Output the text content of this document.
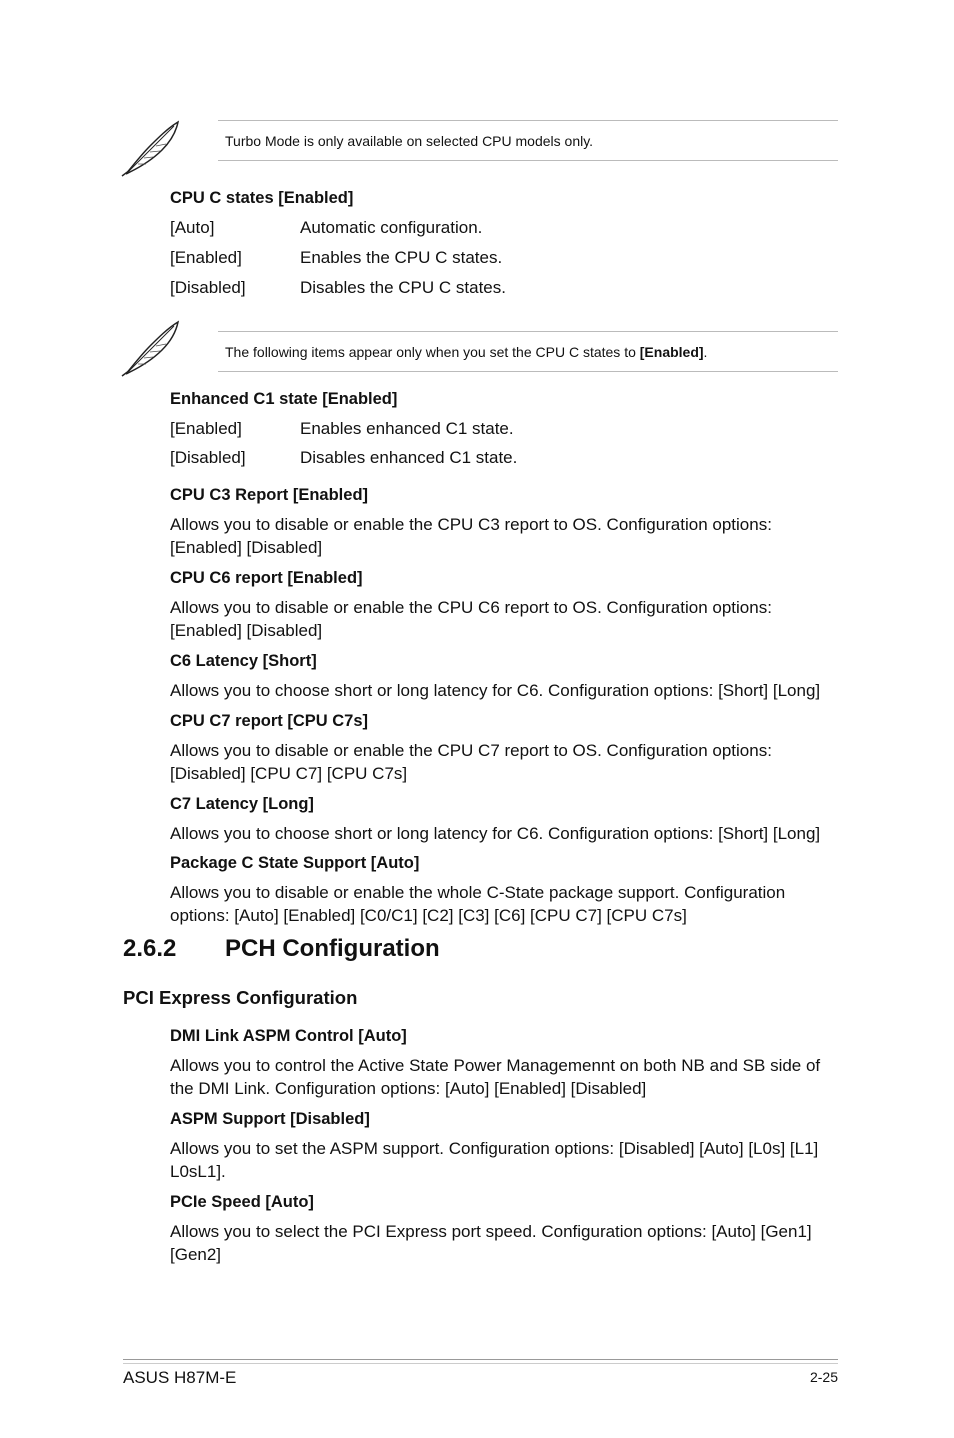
Turbo Mode is only available on selected CPU models only.
CPU C states [Enabled]
[Auto]	Automatic configuration.
[Enabled]	Enables the CPU C states.
[Disabled]	Disables the CPU C states.
The following items appear only when you set the CPU C states to [Enabled].
Enhanced C1 state [Enabled]
[Enabled]	Enables enhanced C1 state.
[Disabled]	Disables enhanced C1 state.
CPU C3 Report [Enabled]
Allows you to disable or enable the CPU C3 report to OS. Configuration options:
[Enabled] [Disabled]
CPU C6 report [Enabled]
Allows you to disable or enable the CPU C6 report to OS. Configuration options:
[Enabled] [Disabled]
C6 Latency [Short]
Allows you to choose short or long latency for C6. Configuration options: [Short] [Long]
CPU C7 report [CPU C7s]
Allows you to disable or enable the CPU C7 report to OS. Configuration options:
[Disabled] [CPU C7] [CPU C7s]
C7 Latency [Long]
Allows you to choose short or long latency for C6. Configuration options: [Short] [Long]
Package C State Support [Auto]
Allows you to disable or enable the whole C-State package support. Configuration
options: [Auto] [Enabled] [C0/C1] [C2] [C3] [C6] [CPU C7] [CPU C7s]
2.6.2 PCH Configuration
PCI Express Configuration
DMI Link ASPM Control [Auto]
Allows you to control the Active State Power Managemennt on both NB and SB side of
the DMI Link. Configuration options: [Auto] [Enabled] [Disabled]
ASPM Support [Disabled]
Allows you to set the ASPM support. Configuration options: [Disabled] [Auto] [L0s] [L1]
L0sL1].
PCIe Speed [Auto]
Allows you to select the PCI Express port speed. Configuration options: [Auto] [Gen1]
[Gen2]
ASUS H87M-E	2-25
